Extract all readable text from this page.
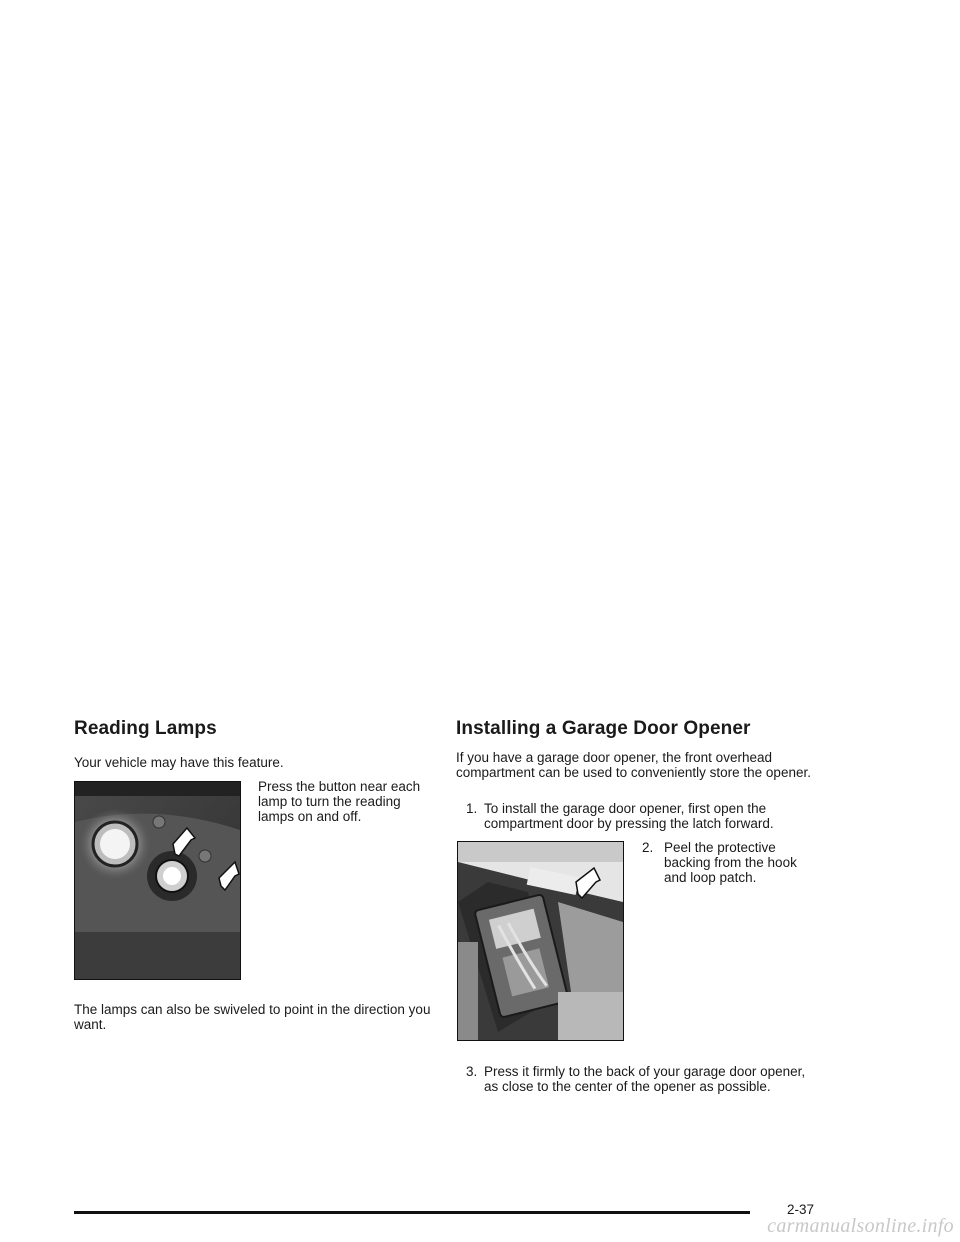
Reading Lamps

Your vehicle may have this feature.

Press the button near each lamp to turn the reading lamps on and off.

The lamps can also be swiveled to point in the direction you want.

Installing a Garage Door Opener

If you have a garage door opener, the front overhead compartment can be used to conveniently store the opener.

1. To install the garage door opener, first open the compartment door by pressing the latch forward.
2. Peel the protective backing from the hook and loop patch.
3. Press it firmly to the back of your garage door opener, as close to the center of the opener as possible.
2-37
carmanualsonline.info
